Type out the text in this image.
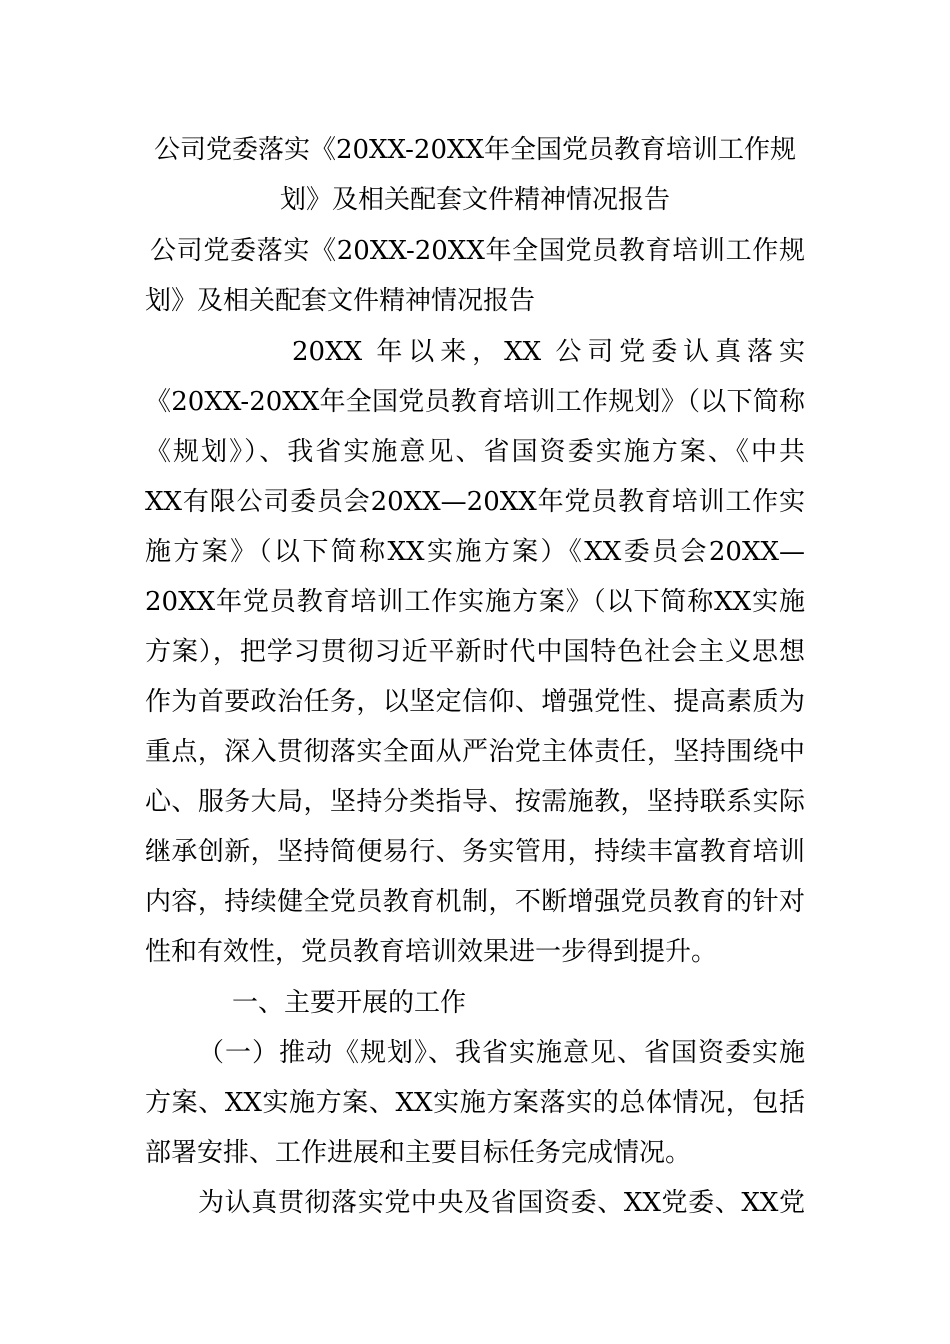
公司党委落实《20XX-20XX年全国党员教育培训工作规
划》及相关配套文件精神情况报告
公司党委落实《20XX-20XX年全国党员教育培训工作规
划》及相关配套文件精神情况报告
20XX 年以来，XX 公司党委认真落实
《20XX-20XX年全国党员教育培训工作规划》（以下简称
《规划》）、我省实施意见、省国资委实施方案、《中共
XX有限公司委员会20XX—20XX年党员教育培训工作实
施方案》（以下简称XX实施方案）《XX委员会20XX—
20XX年党员教育培训工作实施方案》（以下简称XX实施
方案），把学习贯彻习近平新时代中国特色社会主义思想
作为首要政治任务，以坚定信仰、增强党性、提高素质为
重点，深入贯彻落实全面从严治党主体责任，坚持围绕中
心、服务大局，坚持分类指导、按需施教，坚持联系实际
继承创新，坚持简便易行、务实管用，持续丰富教育培训
内容，持续健全党员教育机制，不断增强党员教育的针对
性和有效性，党员教育培训效果进一步得到提升。
一、主要开展的工作
（一）推动《规划》、我省实施意见、省国资委实施
方案、XX实施方案、XX实施方案落实的总体情况，包括
部署安排、工作进展和主要目标任务完成情况。
为认真贯彻落实党中央及省国资委、XX党委、XX党
